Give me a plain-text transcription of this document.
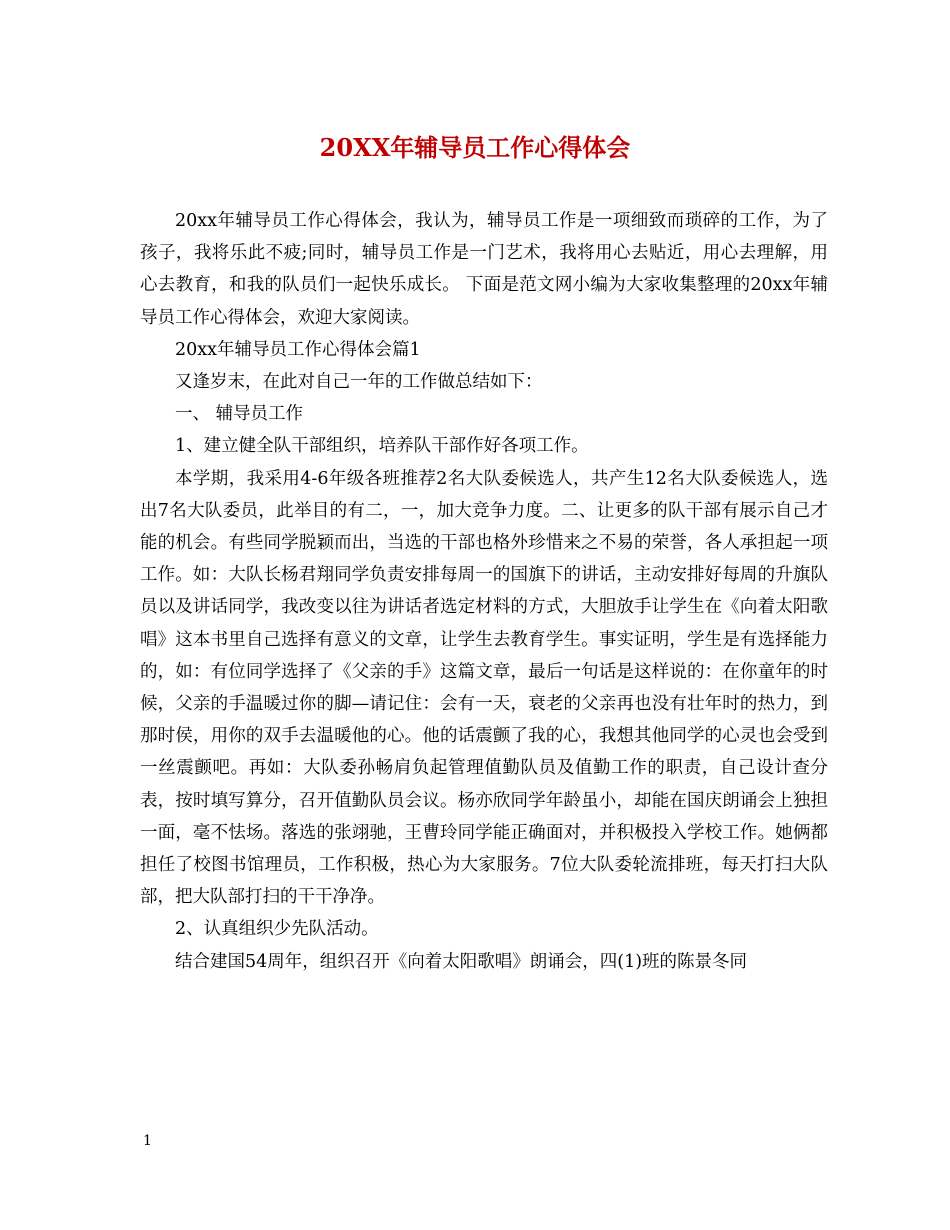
20XX年辅导员工作心得体会

20xx年辅导员工作心得体会，我认为，辅导员工作是一项细致而琐碎的工作，为了孩子，我将乐此不疲;同时，辅导员工作是一门艺术，我将用心去贴近，用心去理解，用心去教育，和我的队员们一起快乐成长。 下面是范文网小编为大家收集整理的20xx年辅导员工作心得体会，欢迎大家阅读。

20xx年辅导员工作心得体会篇1

又逢岁末，在此对自己一年的工作做总结如下：

一、 辅导员工作

1、建立健全队干部组织，培养队干部作好各项工作。

本学期，我采用4-6年级各班推荐2名大队委候选人，共产生12名大队委候选人，选出7名大队委员，此举目的有二，一，加大竞争力度。二、让更多的队干部有展示自己才能的机会。有些同学脱颖而出，当选的干部也格外珍惜来之不易的荣誉，各人承担起一项工作。如：大队长杨君翔同学负责安排每周一的国旗下的讲话，主动安排好每周的升旗队员以及讲话同学，我改变以往为讲话者选定材料的方式，大胆放手让学生在《向着太阳歌唱》这本书里自己选择有意义的文章，让学生去教育学生。事实证明，学生是有选择能力的，如：有位同学选择了《父亲的手》这篇文章，最后一句话是这样说的：在你童年的时候，父亲的手温暖过你的脚—请记住：会有一天，衰老的父亲再也没有壮年时的热力，到那时侯，用你的双手去温暖他的心。他的话震颤了我的心，我想其他同学的心灵也会受到一丝震颤吧。再如：大队委孙畅肩负起管理值勤队员及值勤工作的职责，自己设计查分表，按时填写算分，召开值勤队员会议。杨亦欣同学年龄虽小，却能在国庆朗诵会上独担一面，毫不怯场。落选的张翊驰，王曹玲同学能正确面对，并积极投入学校工作。她俩都担任了校图书馆理员，工作积极，热心为大家服务。7位大队委轮流排班，每天打扫大队部，把大队部打扫的干干净净。

2、认真组织少先队活动。

结合建国54周年，组织召开《向着太阳歌唱》朗诵会，四(1)班的陈景冬同

1
